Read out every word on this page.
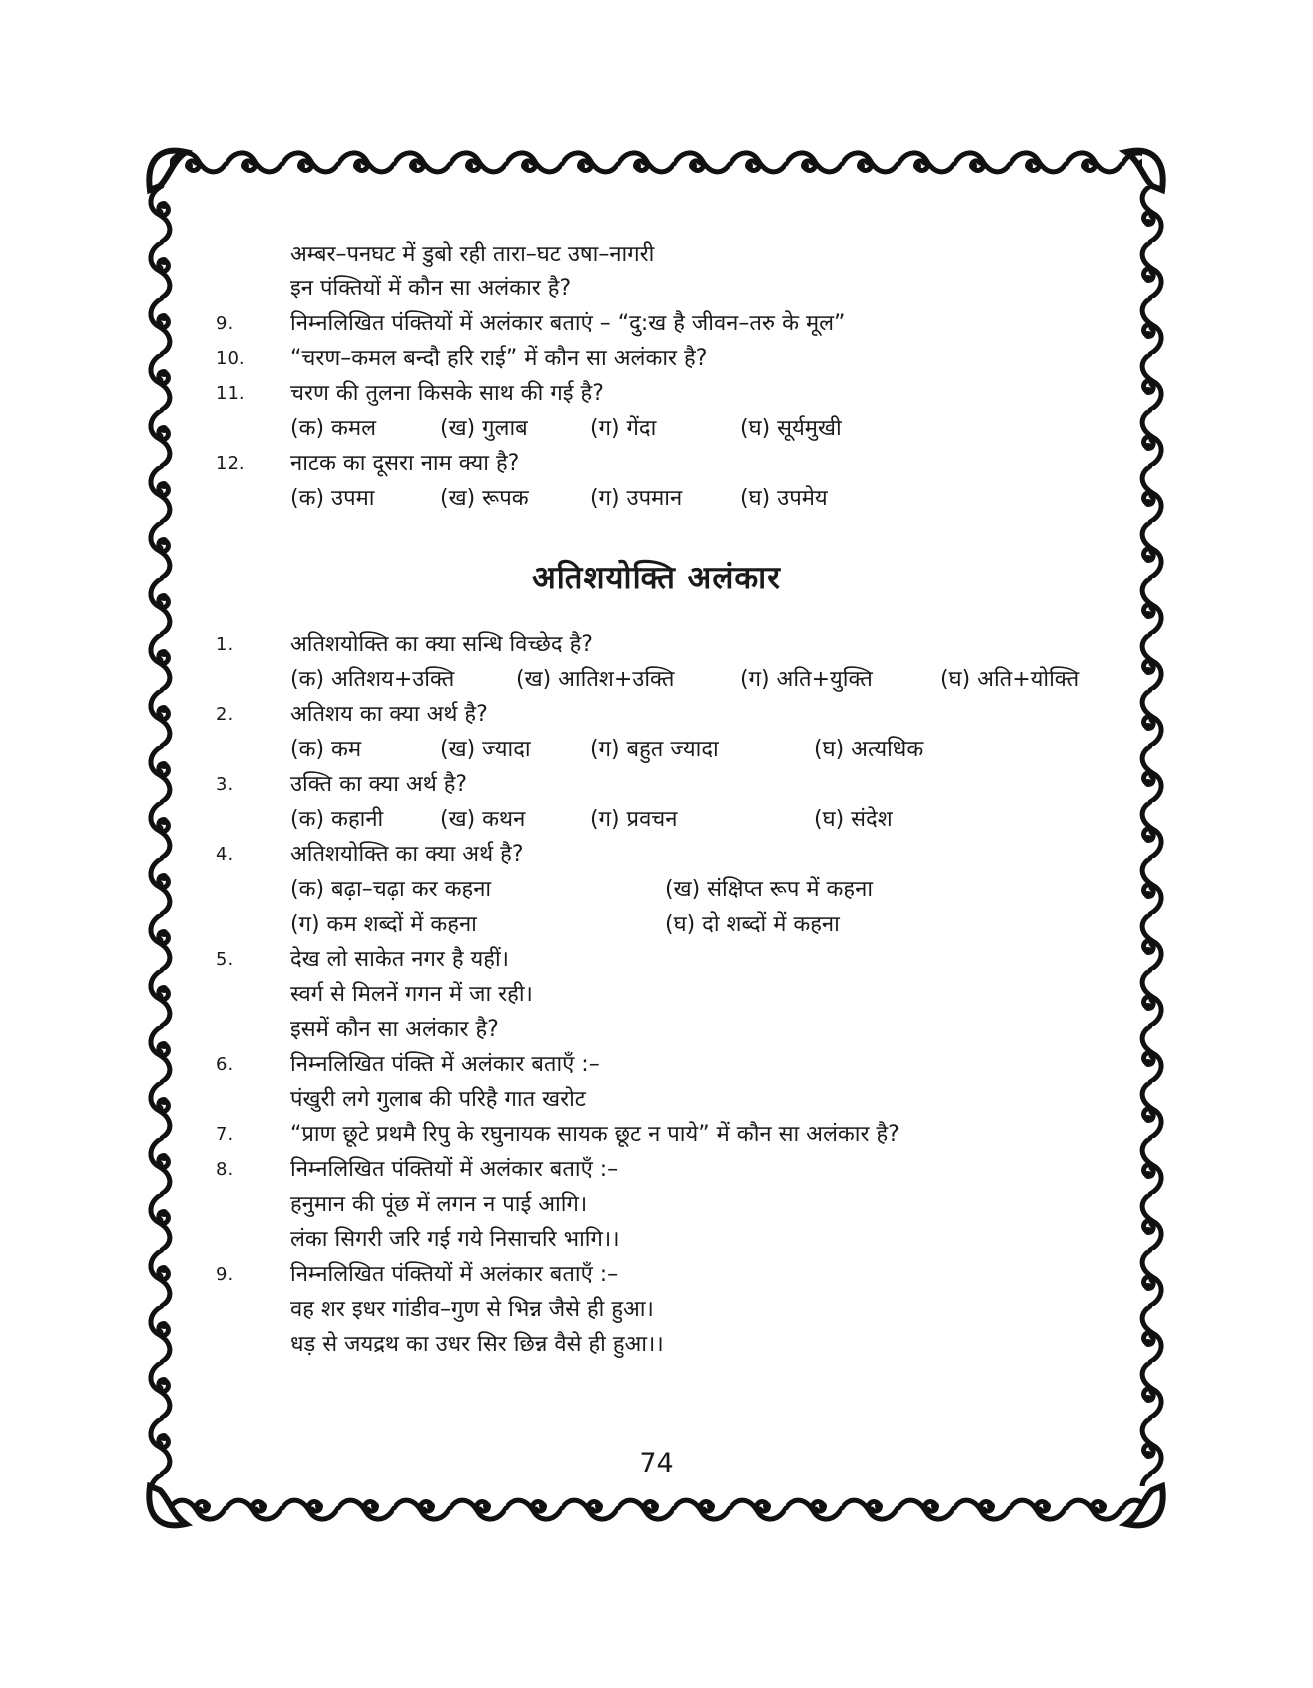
अम्बर–पनघट में डुबो रही तारा–घट उषा–नागरी
इन पंक्तियों में कौन सा अलंकार है?
9.	निम्नलिखित पंक्तियों में अलंकार बताएं – “दु:ख है जीवन–तरु के मूल”
10. “चरण–कमल बन्दौ हरि राई” में कौन सा अलंकार है?
11. चरण की तुलना किसके साथ की गई है?
(क) कमल	(ख) गुलाब	(ग) गेंदा	(घ) सूर्यमुखी
12. नाटक का दूसरा नाम क्या है?
(क) उपमा	(ख) रूपक	(ग) उपमान	(घ) उपमेय
अतिशयोक्ति अलंकार
1.	अतिशयोक्ति का क्या सन्धि विच्छेद है?
(क) अतिशय+उक्ति	(ख) आतिश+उक्ति	(ग) अति+युक्ति	(घ) अति+योक्ति
2.	अतिशय का क्या अर्थ है?
(क) कम	(ख) ज्यादा	(ग) बहुत ज्यादा	(घ) अत्यधिक
3.	उक्ति का क्या अर्थ है?
(क) कहानी	(ख) कथन	(ग) प्रवचन	(घ) संदेश
4.	अतिशयोक्ति का क्या अर्थ है?
(क) बढ़ा–चढ़ा कर कहना	(ख) संक्षिप्त रूप में कहना
(ग) कम शब्दों में कहना	(घ) दो शब्दों में कहना
5.	देख लो साकेत नगर है यहीं।
स्वर्ग से मिलनें गगन में जा रही।
इसमें कौन सा अलंकार है?
6.	निम्नलिखित पंक्ति में अलंकार बताएँ :–
पंखुरी लगे गुलाब की परिहै गात खरोट
7.	“प्राण छूटे प्रथमै रिपु के रघुनायक सायक छूट न पाये” में कौन सा अलंकार है?
8.	निम्नलिखित पंक्तियों में अलंकार बताएँ :–
हनुमान की पूंछ में लगन न पाई आगि।
लंका सिगरी जरि गई गये निसाचरि भागि।।
9.	निम्नलिखित पंक्तियों में अलंकार बताएँ :–
वह शर इधर गांडीव–गुण से भिन्न जैसे ही हुआ।
धड़ से जयद्रथ का उधर सिर छिन्न वैसे ही हुआ।।
74
